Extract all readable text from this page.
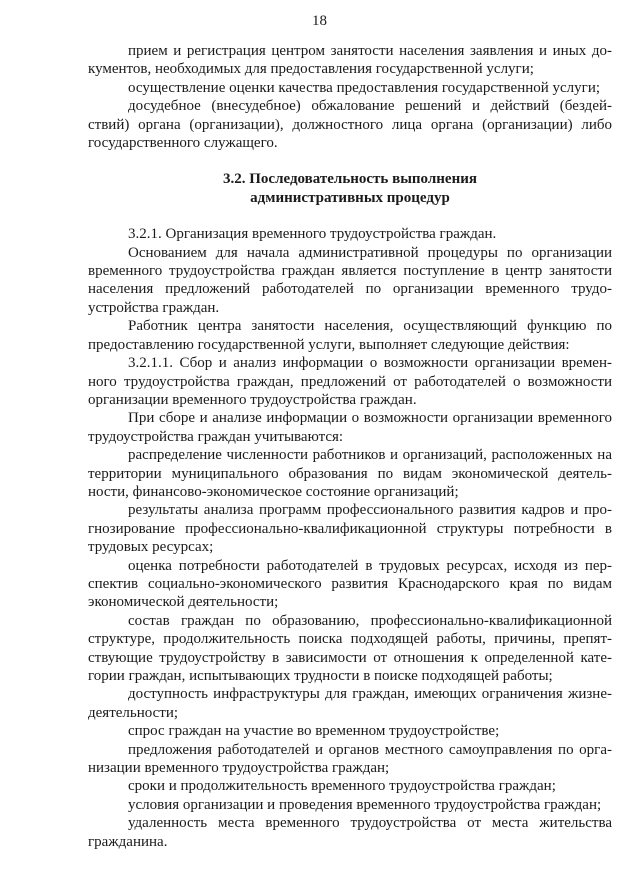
18

прием и регистрация центром занятости населения заявления и иных до- кументов, необходимых для предоставления государственной услуги;

осуществление оценки качества предоставления государственной услуги;

досудебное (внесудебное) обжалование решений и действий (бездей- ствий) органа (организации), должностного лица органа (организации) либо государственного служащего.

3.2. Последовательность выполнения
административных процедур

3.2.1. Организация временного трудоустройства граждан.

Основанием для начала административной процедуры по организации временного трудоустройства граждан является поступление в центр занятости населения предложений работодателей по организации временного трудо- устройства граждан.

Работник центра занятости населения, осуществляющий функцию по предоставлению государственной услуги, выполняет следующие действия:

3.2.1.1. Сбор и анализ информации о возможности организации времен- ного трудоустройства граждан, предложений от работодателей о возможности организации временного трудоустройства граждан.

При сборе и анализе информации о возможности организации временного трудоустройства граждан учитываются:

распределение численности работников и организаций, расположенных на территории муниципального образования по видам экономической деятель- ности, финансово-экономическое состояние организаций;

результаты анализа программ профессионального развития кадров и про- гнозирование профессионально-квалификационной структуры потребности в трудовых ресурсах;

оценка потребности работодателей в трудовых ресурсах, исходя из пер- спектив социально-экономического развития Краснодарского края по видам экономической деятельности;

состав граждан по образованию, профессионально-квалификационной структуре, продолжительность поиска подходящей работы, причины, препят- ствующие трудоустройству в зависимости от отношения к определенной кате- гории граждан, испытывающих трудности в поиске подходящей работы;

доступность инфраструктуры для граждан, имеющих ограничения жизне- деятельности;

спрос граждан на участие во временном трудоустройстве;

предложения работодателей и органов местного самоуправления по орга- низации временного трудоустройства граждан;

сроки и продолжительность временного трудоустройства граждан;

условия организации и проведения временного трудоустройства граждан;

удаленность места временного трудоустройства от места жительства гражданина.
